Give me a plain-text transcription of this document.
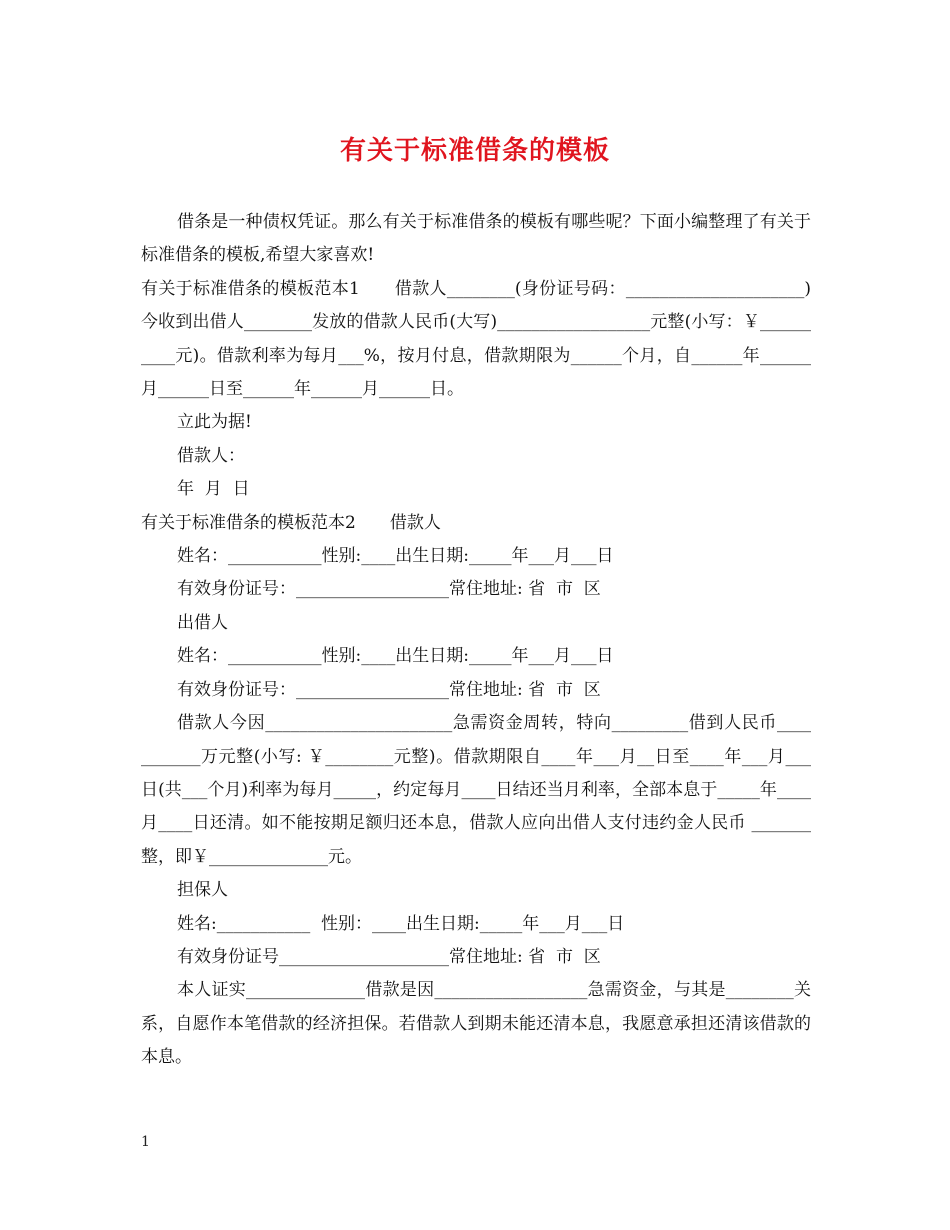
有关于标准借条的模板

借条是一种债权凭证。那么有关于标准借条的模板有哪些呢？下面小编整理了有关于标准借条的模板,希望大家喜欢!

有关于标准借条的模板范本1　　借款人________(身份证号码：_____________________)今收到出借人________发放的借款人民币(大写)__________________元整(小写：￥__________元)。借款利率为每月___%，按月付息，借款期限为______个月，自______年______月______日至______年______月______日。

立此为据!

借款人：

年  月  日

有关于标准借条的模板范本2　　借款人

姓名：___________性别:____出生日期:_____年___月___日

有效身份证号：__________________常住地址: 省  市  区

出借人

姓名：___________性别:____出生日期:_____年___月___日

有效身份证号：__________________常住地址: 省  市  区

借款人今因______________________急需资金周转，特向_________借到人民币____ _______万元整(小写: ￥________元整)。借款期限自____年___月__日至____年___月___日(共___个月)利率为每月_____，约定每月____日结还当月利率，全部本息于_____年____月____日还清。如不能按期足额归还本息，借款人应向出借人支付违约金人民币 _______整，即￥______________元。

担保人

姓名:___________  性别：____出生日期:_____年___月___日

有效身份证号____________________常住地址: 省  市  区

本人证实______________借款是因__________________急需资金，与其是________关系，自愿作本笔借款的经济担保。若借款人到期未能还清本息，我愿意承担还清该借款的本息。

1
